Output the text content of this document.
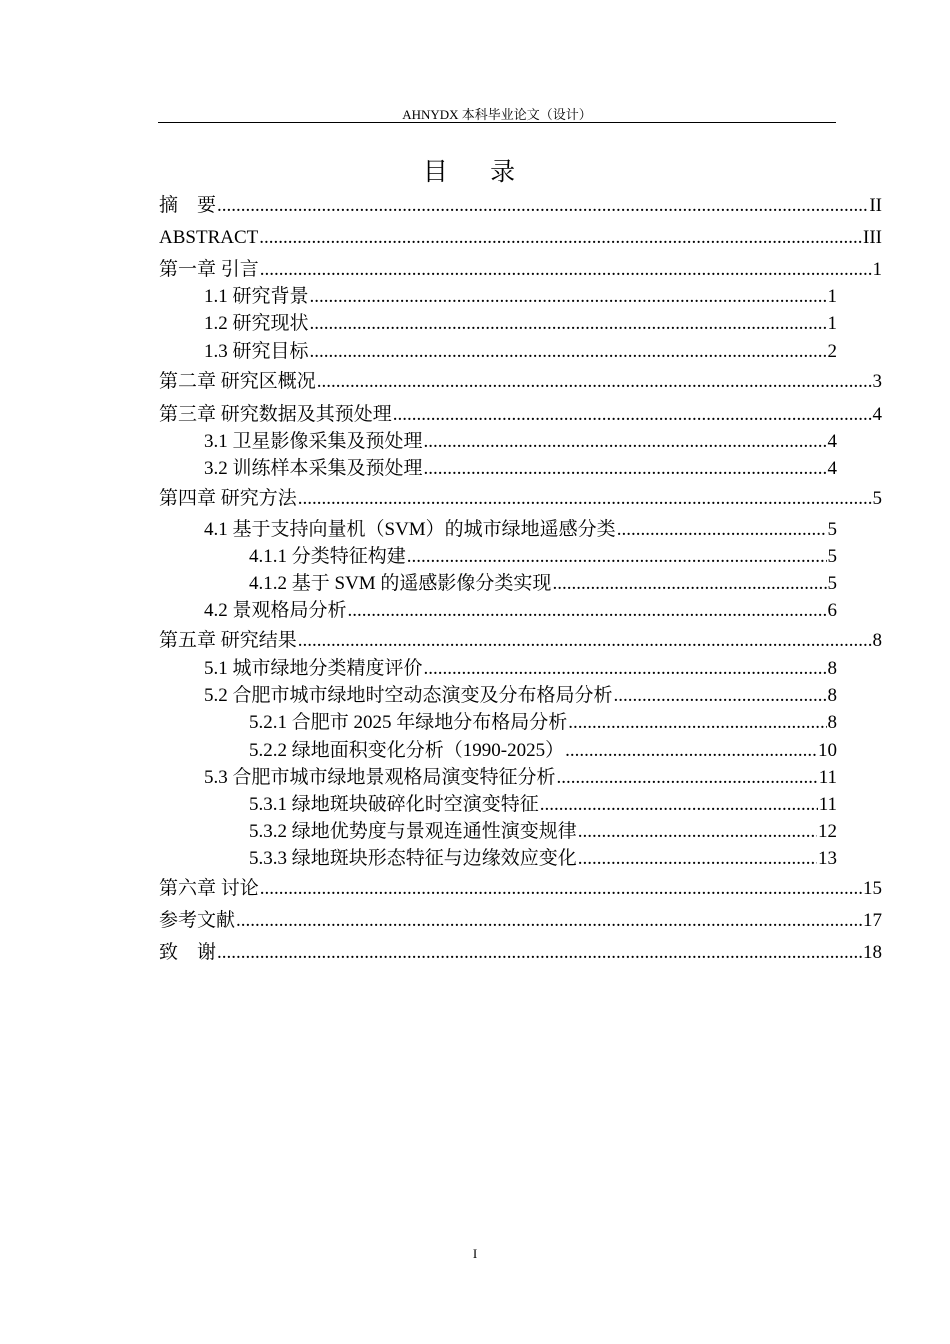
AHNYDX 本科毕业论文（设计）
目 录
摘　要 .....	II
ABSTRACT .....	III
第一章 引言 .....	1
1.1 研究背景 .....	1
1.2 研究现状 .....	1
1.3 研究目标 .....	2
第二章 研究区概况 .....	3
第三章 研究数据及其预处理 .....	4
3.1 卫星影像采集及预处理 .....	4
3.2 训练样本采集及预处理 .....	4
第四章 研究方法 .....	5
4.1 基于支持向量机（SVM）的城市绿地遥感分类 .....	5
4.1.1 分类特征构建 .....	5
4.1.2 基于 SVM 的遥感影像分类实现 .....	5
4.2 景观格局分析 .....	6
第五章 研究结果 .....	8
5.1 城市绿地分类精度评价 .....	8
5.2 合肥市城市绿地时空动态演变及分布格局分析 .....	8
5.2.1 合肥市 2025 年绿地分布格局分析 .....	8
5.2.2 绿地面积变化分析（1990-2025） .....	10
5.3 合肥市城市绿地景观格局演变特征分析 .....	11
5.3.1 绿地斑块破碎化时空演变特征 .....	11
5.3.2 绿地优势度与景观连通性演变规律 .....	12
5.3.3 绿地斑块形态特征与边缘效应变化 .....	13
第六章 讨论 .....	15
参考文献 .....	17
致　谢 .....	18
I
